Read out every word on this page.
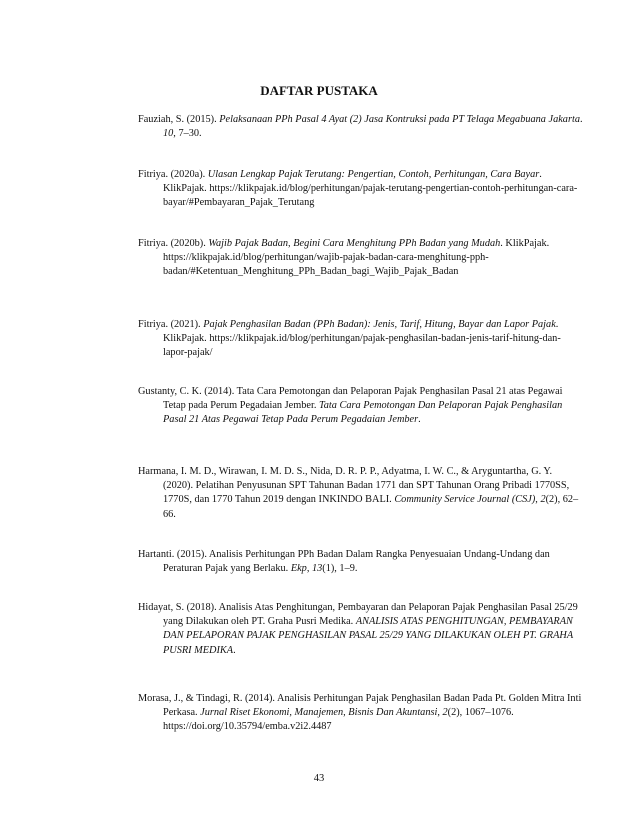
DAFTAR PUSTAKA
Fauziah, S. (2015). Pelaksanaan PPh Pasal 4 Ayat (2) Jasa Kontruksi pada PT Telaga Megabuana Jakarta. 10, 7–30.
Fitriya. (2020a). Ulasan Lengkap Pajak Terutang: Pengertian, Contoh, Perhitungan, Cara Bayar. KlikPajak. https://klikpajak.id/blog/perhitungan/pajak-terutang-pengertian-contoh-perhitungan-cara-bayar/#Pembayaran_Pajak_Terutang
Fitriya. (2020b). Wajib Pajak Badan, Begini Cara Menghitung PPh Badan yang Mudah. KlikPajak. https://klikpajak.id/blog/perhitungan/wajib-pajak-badan-cara-menghitung-pph-badan/#Ketentuan_Menghitung_PPh_Badan_bagi_Wajib_Pajak_Badan
Fitriya. (2021). Pajak Penghasilan Badan (PPh Badan): Jenis, Tarif, Hitung, Bayar dan Lapor Pajak. KlikPajak. https://klikpajak.id/blog/perhitungan/pajak-penghasilan-badan-jenis-tarif-hitung-dan-lapor-pajak/
Gustanty, C. K. (2014). Tata Cara Pemotongan dan Pelaporan Pajak Penghasilan Pasal 21 atas Pegawai Tetap pada Perum Pegadaian Jember. Tata Cara Pemotongan Dan Pelaporan Pajak Penghasilan Pasal 21 Atas Pegawai Tetap Pada Perum Pegadaian Jember.
Harmana, I. M. D., Wirawan, I. M. D. S., Nida, D. R. P. P., Adyatma, I. W. C., & Aryguntartha, G. Y. (2020). Pelatihan Penyusunan SPT Tahunan Badan 1771 dan SPT Tahunan Orang Pribadi 1770SS, 1770S, dan 1770 Tahun 2019 dengan INKINDO BALI. Community Service Journal (CSJ), 2(2), 62–66.
Hartanti. (2015). Analisis Perhitungan PPh Badan Dalam Rangka Penyesuaian Undang-Undang dan Peraturan Pajak yang Berlaku. Ekp, 13(1), 1–9.
Hidayat, S. (2018). Analisis Atas Penghitungan, Pembayaran dan Pelaporan Pajak Penghasilan Pasal 25/29 yang Dilakukan oleh PT. Graha Pusri Medika. ANALISIS ATAS PENGHITUNGAN, PEMBAYARAN DAN PELAPORAN PAJAK PENGHASILAN PASAL 25/29 YANG DILAKUKAN OLEH PT. GRAHA PUSRI MEDIKA.
Morasa, J., & Tindagi, R. (2014). Analisis Perhitungan Pajak Penghasilan Badan Pada Pt. Golden Mitra Inti Perkasa. Jurnal Riset Ekonomi, Manajemen, Bisnis Dan Akuntansi, 2(2), 1067–1076. https://doi.org/10.35794/emba.v2i2.4487
43
